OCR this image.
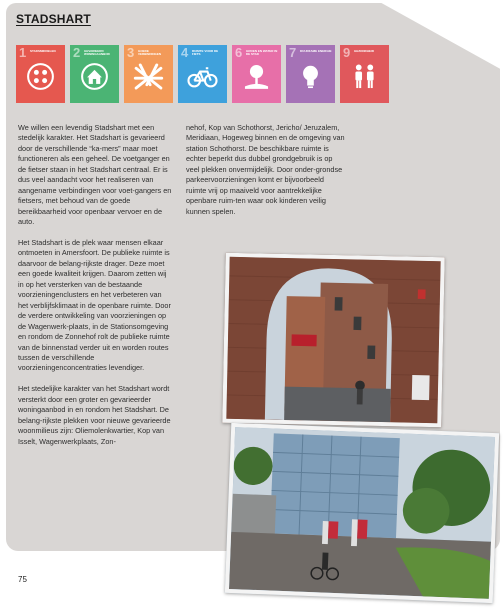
STADSHART
1 STADSMIDDELEN	2 GEVARIEERD WONINGAANBOD	3 GOEDE VERBINDINGEN	4 RUIMTE VOOR DE FIETS	6 GROEN EN WATER IN DE STAD	7 DUURZAME ENERGIE 9 GEZONDHEID

We willen een levendig Stadshart met een stedelijk karakter. Het Stadshart is gevarieerd door de verschillende “ka-mers” maar moet functioneren als een geheel. De voetganger en de fietser staan in het Stadshart centraal. Er is dus veel aandacht voor het realiseren van aangename verbindingen voor voet-gangers en fietsers, met behoud van de goede bereikbaarheid voor openbaar vervoer en de auto.

Het Stadshart is de plek waar mensen elkaar ontmoeten in Amersfoort. De publieke ruimte is daarvoor de belang-rijkste drager. Deze moet een goede kwaliteit krijgen. Daarom zetten wij in op het versterken van de bestaande voorzieningenclusters en het verbeteren van het verblijfsklimaat in de openbare ruimte. Door de verdere ontwikkeling van voorzieningen op de Wagenwerk-plaats, in de Stationsomgeving en rondom de Zonnehof rolt de publieke ruimte van de binnenstad verder uit en worden routes tussen de verschillende voorzieningenconcentraties levendiger.

Het stedelijke karakter van het Stadshart wordt versterkt door een groter en gevarieerder woningaanbod in en rondom het Stadshart. De belang-rijkste plekken voor nieuwe gevarieerde woonmilieus zijn: Oliemolenkwartier, Kop van Isselt, Wagenwerkplaats, Zon-

nehof, Kop van Schothorst, Jericho/ Jeruzalem, Meridiaan, Hogeweg binnen en de omgeving van station Schothorst. De beschikbare ruimte is echter beperkt dus dubbel grondgebruik is op veel plekken onvermijdelijk. Door onder-grondse parkeervoorzieningen komt er bijvoorbeeld ruimte vrij op maaiveld voor aantrekkelijke openbare ruim-ten waar ook kinderen veilig kunnen spelen.

75
